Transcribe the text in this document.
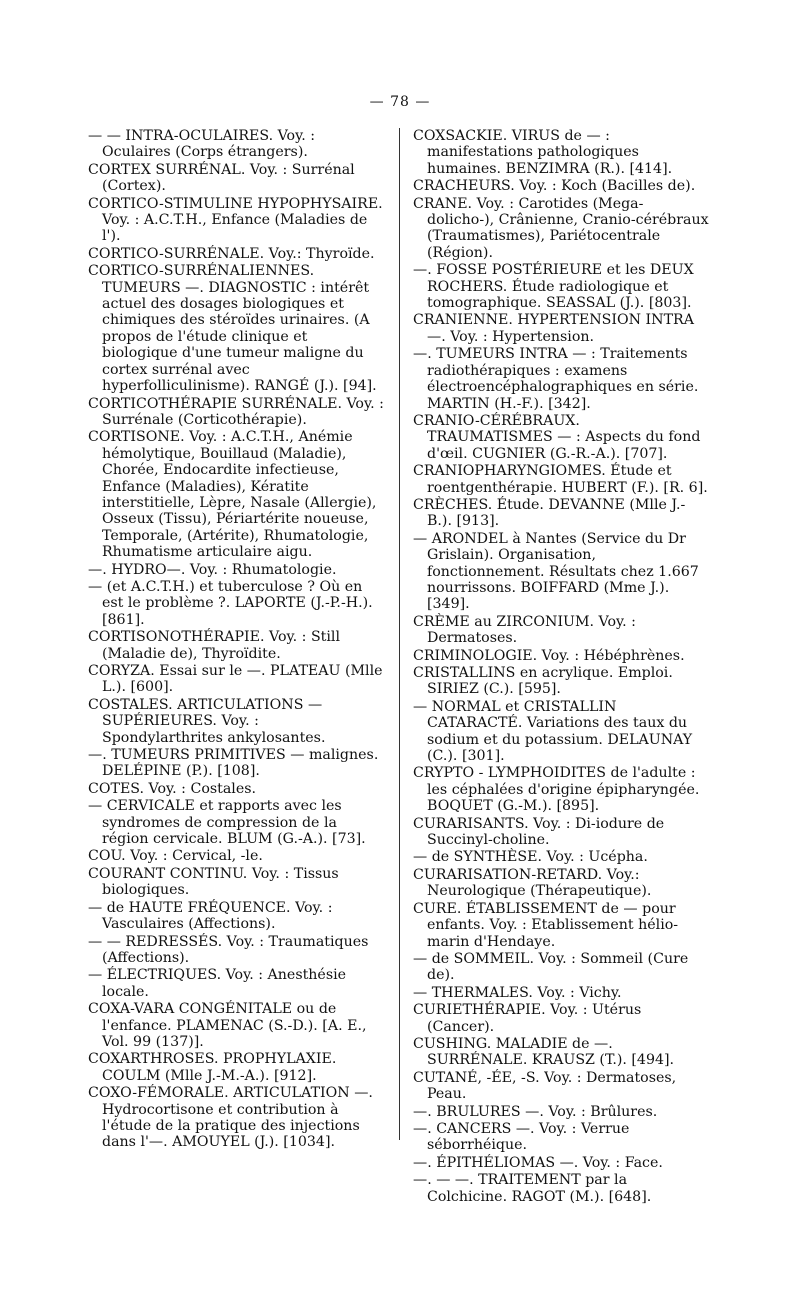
— 78 —

— — INTRA-OCULAIRES. Voy. : Oculaires (Corps étrangers).

CORTEX SURRÉNAL. Voy. : Surrénal (Cortex).

CORTICO-STIMULINE HYPOPHYSAIRE. Voy. : A.C.T.H., Enfance (Maladies de l').

CORTICO-SURRÉNALE. Voy.: Thyroïde.

CORTICO-SURRÉNALIENNES. TUMEURS —. DIAGNOSTIC : intérêt actuel des dosages biologiques et chimiques des stéroïdes urinaires. (A propos de l'étude clinique et biologique d'une tumeur maligne du cortex surrénal avec hyperfolliculinisme). RANGÉ (J.). [94].

CORTICOTHÉRAPIE SURRÉNALE. Voy. : Surrénale (Corticothérapie).

CORTISONE. Voy. : A.C.T.H., Anémie hémolytique, Bouillaud (Maladie), Chorée, Endocardite infectieuse, Enfance (Maladies), Kératite interstitielle, Lèpre, Nasale (Allergie), Osseux (Tissu), Périartérite noueuse, Temporale, (Artérite), Rhumatologie, Rhumatisme articulaire aigu.

—. HYDRO—. Voy. : Rhumatologie.

— (et A.C.T.H.) et tuberculose ? Où en est le problème ?. LAPORTE (J.-P.-H.). [861].

CORTISONOTHÉRAPIE. Voy. : Still (Maladie de), Thyroïdite.

CORYZA. Essai sur le —. PLATEAU (Mlle L.). [600].

COSTALES. ARTICULATIONS — SUPÉRIEURES. Voy. : Spondylarthrites ankylosantes.

—. TUMEURS PRIMITIVES — malignes. DELÉPINE (P.). [108].

COTES. Voy. : Costales.

— CERVICALE et rapports avec les syndromes de compression de la région cervicale. BLUM (G.-A.). [73].

COU. Voy. : Cervical, -le.

COURANT CONTINU. Voy. : Tissus biologiques.

— de HAUTE FRÉQUENCE. Voy. : Vasculaires (Affections).

— — REDRESSÉS. Voy. : Traumatiques (Affections).

— ÉLECTRIQUES. Voy. : Anesthésie locale.

COXA-VARA CONGÉNITALE ou de l'enfance. PLAMENAC (S.-D.). [A. E., Vol. 99 (137)].

COXARTHROSES. PROPHYLAXIE. COULM (Mlle J.-M.-A.). [912].

COXO-FÉMORALE. ARTICULATION —. Hydrocortisone et contribution à l'étude de la pratique des injections dans l'—. AMOUYEL (J.). [1034].

COXSACKIE. VIRUS de — : manifestations pathologiques humaines. BENZIMRA (R.). [414].

CRACHEURS. Voy. : Koch (Bacilles de).

CRANE. Voy. : Carotides (Mega-dolicho-), Crânienne, Cranio-cérébraux (Traumatismes), Pariétocentrale (Région).

—. FOSSE POSTÉRIEURE et les DEUX ROCHERS. Étude radiologique et tomographique. SEASSAL (J.). [803].

CRANIENNE. HYPERTENSION INTRA —. Voy. : Hypertension.

—. TUMEURS INTRA — : Traitements radiothérapiques : examens électroencéphalographiques en série. MARTIN (H.-F.). [342].

CRANIO-CÉRÉBRAUX. TRAUMATISMES — : Aspects du fond d'œil. CUGNIER (G.-R.-A.). [707].

CRANIOPHARYNGIOMES. Étude et roentgenthérapie. HUBERT (F.). [R. 6].

CRÈCHES. Étude. DEVANNE (Mlle J.-B.). [913].

— ARONDEL à Nantes (Service du Dr Grislain). Organisation, fonctionnement. Résultats chez 1.667 nourrissons. BOIFFARD (Mme J.). [349].

CRÈME au ZIRCONIUM. Voy. : Dermatoses.

CRIMINOLOGIE. Voy. : Hébéphrènes.

CRISTALLINS en acrylique. Emploi. SIRIEZ (C.). [595].

— NORMAL et CRISTALLIN CATARACTÉ. Variations des taux du sodium et du potassium. DELAUNAY (C.). [301].

CRYPTO - LYMPHOIDITES de l'adulte : les céphalées d'origine épipharyngée. BOQUET (G.-M.). [895].

CURARISANTS. Voy. : Di-iodure de Succinyl-choline.

— de SYNTHÈSE. Voy. : Ucépha.

CURARISATION-RETARD. Voy.: Neurologique (Thérapeutique).

CURE. ÉTABLISSEMENT de — pour enfants. Voy. : Etablissement hélio-marin d'Hendaye.

— de SOMMEIL. Voy. : Sommeil (Cure de).

— THERMALES. Voy. : Vichy.

CURIETHÉRAPIE. Voy. : Utérus (Cancer).

CUSHING. MALADIE de —. SURRÉNALE. KRAUSZ (T.). [494].

CUTANÉ, -ÉE, -S. Voy. : Dermatoses, Peau.

—. BRULURES —. Voy. : Brûlures.

—. CANCERS —. Voy. : Verrue séborrhéique.

—. ÉPITHÉLIOMAS —. Voy. : Face.

—. — —. TRAITEMENT par la Colchicine. RAGOT (M.). [648].
